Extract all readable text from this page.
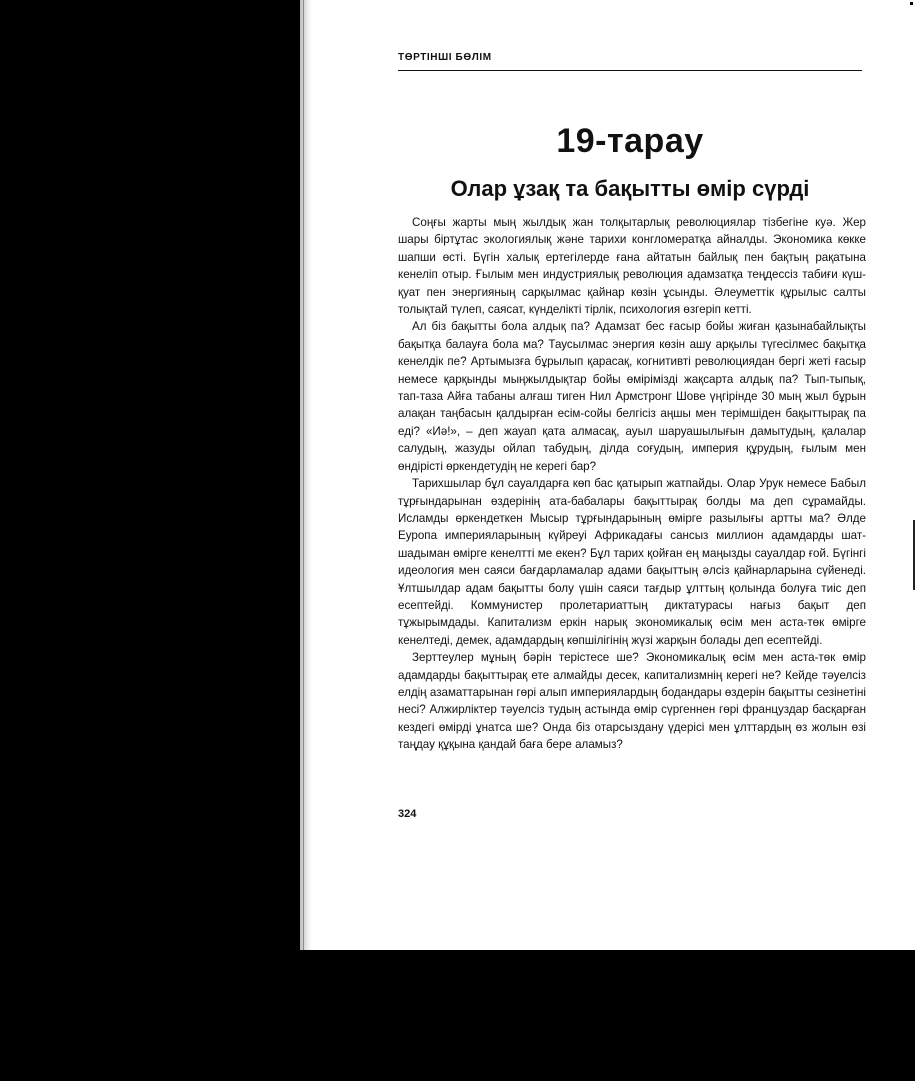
ТӨРТІНШІ БӨЛІМ
19-тарау
Олар ұзақ та бақытты өмір сүрді

Соңғы жарты мың жылдық жан толқытарлық революциялар тізбегіне куә. Жер шары біртұтас экологиялық және тарихи конгломератқа айналды. Экономика көкке шапши өсті. Бүгін халық ертегілерде ғана айтатын байлық пен бақтың рақатына кенеліп отыр. Ғылым мен индустриялық революция адамзатқа теңдессіз табиғи күш-қуат пен энергияның сарқылмас қайнар көзін ұсынды. Әлеуметтік құрылыс салты толықтай түлеп, саясат, күнделікті тірлік, психология өзгеріп кетті.

Ал біз бақытты бола алдық па? Адамзат бес ғасыр бойы жиған қазынабайлықты бақытқа балауға бола ма? Таусылмас энергия көзін ашу арқылы түгесілмес бақытқа кенелдік пе? Артымызға бұрылып қарасақ, когнитивті революциядан бергі жеті ғасыр немесе қарқынды мыңжылдықтар бойы өмірімізді жақсарта алдық па? Тып-тыпық, тап-таза Айға табаны алғаш тиген Нил Армстронг Шове үңгірінде 30 мың жыл бұрын алақан таңбасын қалдырған есім-сойы белгісіз аңшы мен терімшіден бақыттырақ па еді? «Иә!», – деп жауап қата алмасақ, ауыл шаруашылығын дамытудың, қалалар салудың, жазуды ойлап табудың, ділда соғудың, империя құрудың, ғылым мен өндірісті өркендетудің не керегі бар?

Тарихшылар бұл сауалдарға көп бас қатырып жатпайды. Олар Урук немесе Бабыл тұрғындарынан өздерінің ата-бабалары бақыттырақ болды ма деп сұрамайды. Исламды өркендеткен Мысыр тұрғындарының өмірге разылығы артты ма? Әлде Еуропа империяларының күйреуі Африкадағы сансыз миллион адамдарды шат-шадыман өмірге кенелтті ме екен? Бұл тарих қойған ең маңызды сауалдар ғой. Бүгінгі идеология мен саяси бағдарламалар адами бақыттың әлсіз қайнарларына сүйенеді. Ұлтшылдар адам бақытты болу үшін саяси тағдыр ұлттың қолында болуға тиіс деп есептейді. Коммунистер пролетариаттың диктатурасы нағыз бақыт деп тұжырымдады. Капитализм еркін нарық экономикалық өсім мен аста-төк өмірге кенелтеді, демек, адамдардың көпшілігінің жүзі жарқын болады деп есептейді.

Зерттеулер мұның бәрін терістесе ше? Экономикалық өсім мен аста-төк өмір адамдарды бақыттырақ ете алмайды десек, капитализмнің керегі не? Кейде тәуелсіз елдің азаматтарынан гөрі алып империялардың бодандары өздерін бақытты сезінетіні несі? Алжирліктер тәуелсіз тудың астында өмір сүргеннен гөрі француздар басқарған кездегі өмірді ұнатса ше? Онда біз отарсыздану үдерісі мен ұлттардың өз жолын өзі таңдау құқына қандай баға бере аламыз?

324
